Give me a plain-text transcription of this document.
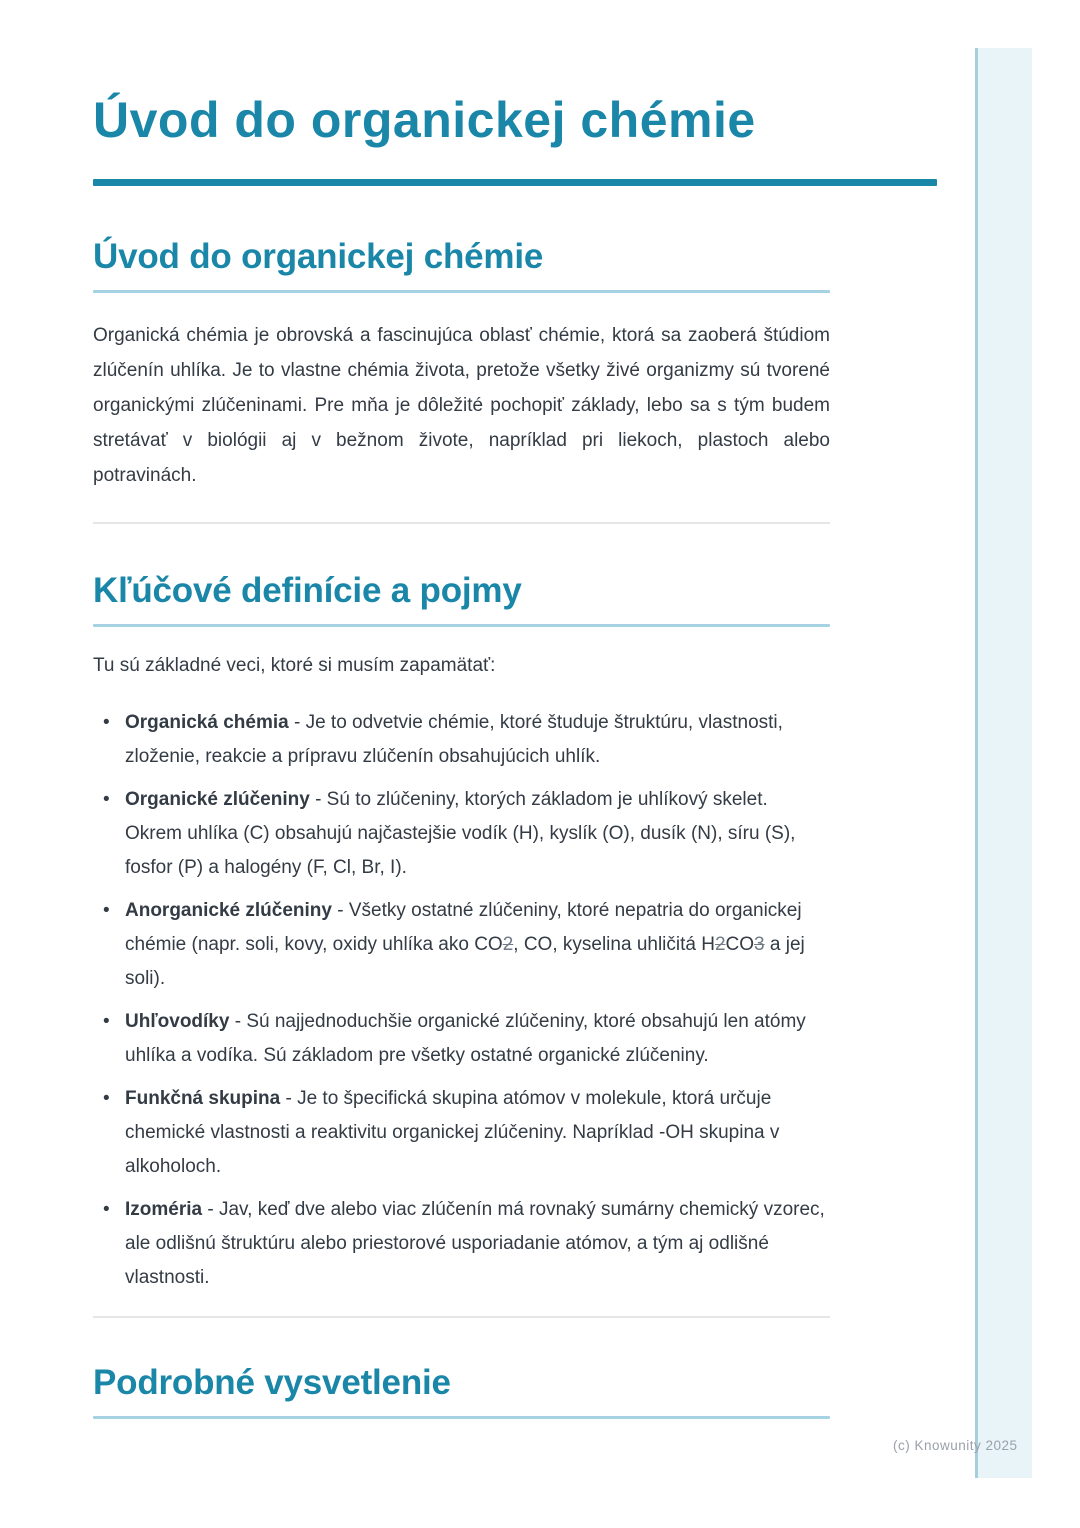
Úvod do organickej chémie
Úvod do organickej chémie

Organická chémia je obrovská a fascinujúca oblasť chémie, ktorá sa zaoberá štúdiom zlúčenín uhlíka. Je to vlastne chémia života, pretože všetky živé organizmy sú tvorené organickými zlúčeninami. Pre mňa je dôležité pochopiť základy, lebo sa s tým budem stretávať v biológii aj v bežnom živote, napríklad pri liekoch, plastoch alebo potravinách.

Kľúčové definície a pojmy

Tu sú základné veci, ktoré si musím zapamätať:

• Organická chémia - Je to odvetvie chémie, ktoré študuje štruktúru, vlastnosti, zloženie, reakcie a prípravu zlúčenín obsahujúcich uhlík.
• Organické zlúčeniny - Sú to zlúčeniny, ktorých základom je uhlíkový skelet. Okrem uhlíka (C) obsahujú najčastejšie vodík (H), kyslík (O), dusík (N), síru (S), fosfor (P) a halogény (F, Cl, Br, I).
• Anorganické zlúčeniny - Všetky ostatné zlúčeniny, ktoré nepatria do organickej chémie (napr. soli, kovy, oxidy uhlíka ako CO2, CO, kyselina uhličitá H2CO3 a jej soli).
• Uhľovodíky - Sú najjednoduchšie organické zlúčeniny, ktoré obsahujú len atómy uhlíka a vodíka. Sú základom pre všetky ostatné organické zlúčeniny.
• Funkčná skupina - Je to špecifická skupina atómov v molekule, ktorá určuje chemické vlastnosti a reaktivitu organickej zlúčeniny. Napríklad -OH skupina v alkoholoch.
• Izoméria - Jav, keď dve alebo viac zlúčenín má rovnaký sumárny chemický vzorec, ale odlišnú štruktúru alebo priestorové usporiadanie atómov, a tým aj odlišné vlastnosti.
Podrobné vysvetlenie
(c) Knowunity 2025
